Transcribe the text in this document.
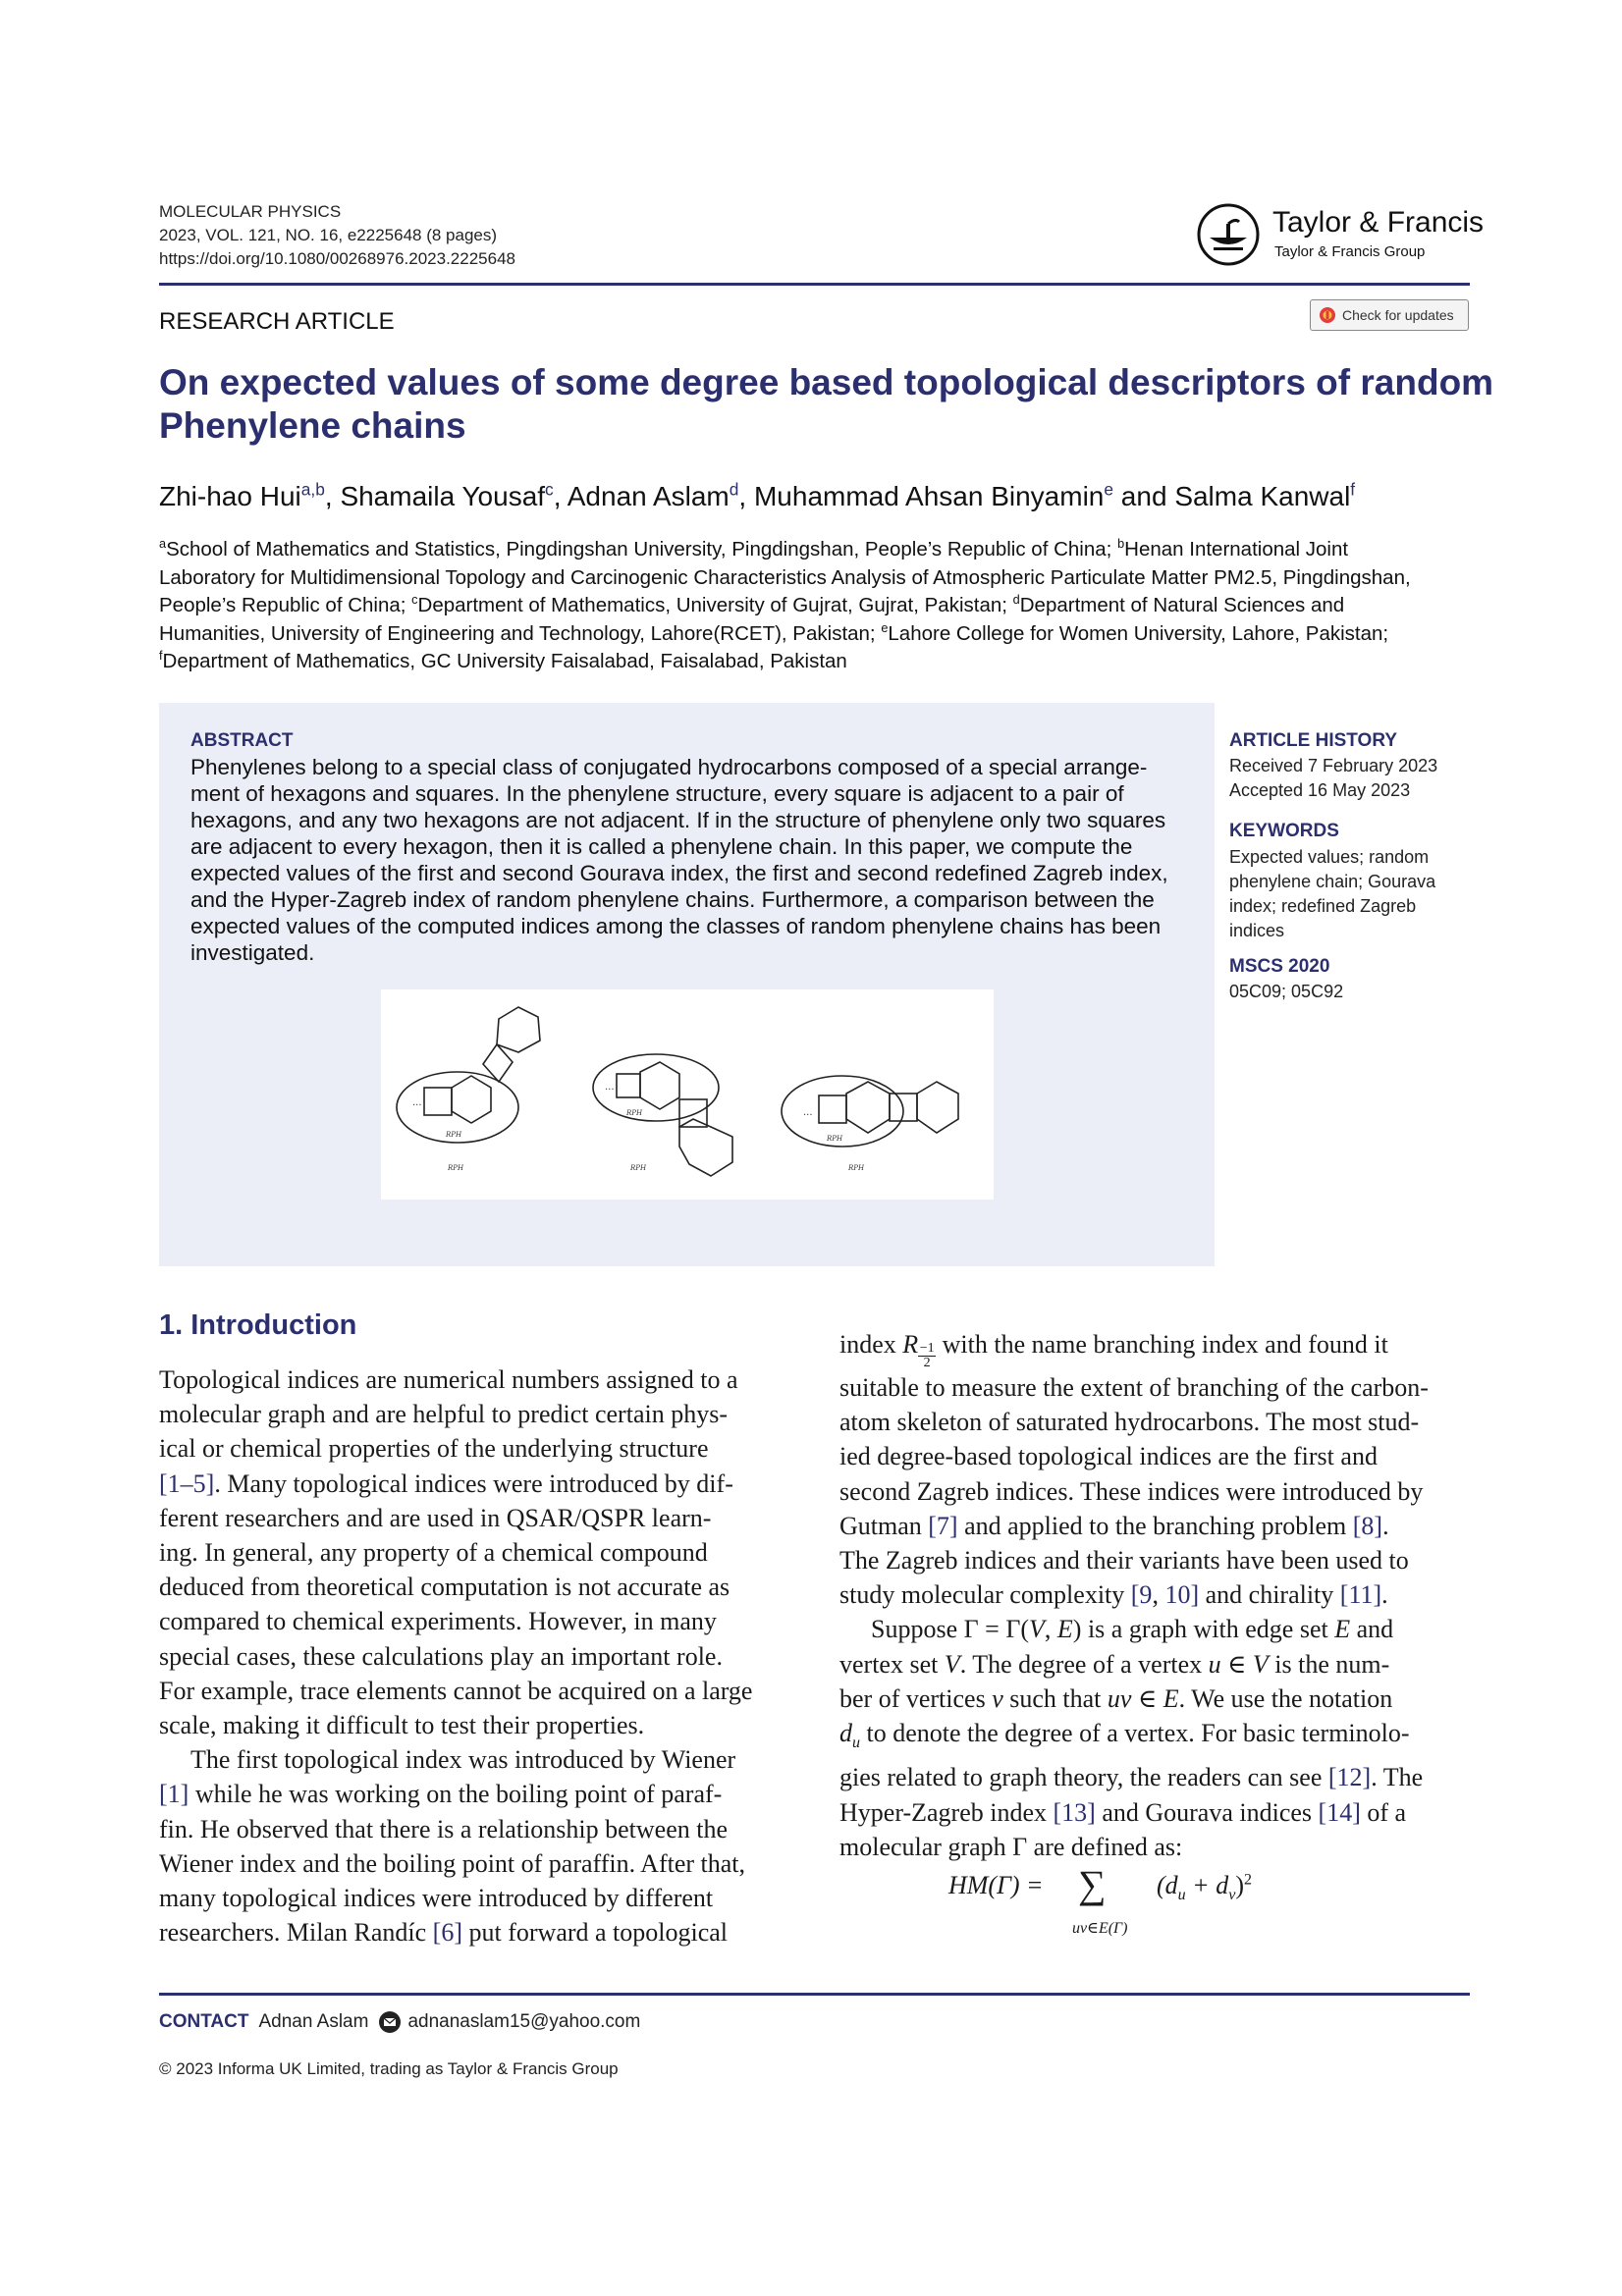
MOLECULAR PHYSICS
2023, VOL. 121, NO. 16, e2225648 (8 pages)
https://doi.org/10.1080/00268976.2023.2225648
Taylor & Francis
Taylor & Francis Group
RESEARCH ARTICLE	Check for updates
On expected values of some degree based topological descriptors of random
Phenylene chains
Zhi-hao Hui$^{a,b}$, Shamaila Yousaf$^c$, Adnan Aslam$^d$, Muhammad Ahsan Binyamin$^e$ and Salma Kanwal$^f$
$^a$School of Mathematics and Statistics, Pingdingshan University, Pingdingshan, People’s Republic of China; $^b$Henan International Joint
Laboratory for Multidimensional Topology and Carcinogenic Characteristics Analysis of Atmospheric Particulate Matter PM2.5, Pingdingshan,
People’s Republic of China; $^c$Department of Mathematics, University of Gujrat, Gujrat, Pakistan; $^d$Department of Natural Sciences and
Humanities, University of Engineering and Technology, Lahore(RCET), Pakistan; $^e$Lahore College for Women University, Lahore, Pakistan;
$^f$Department of Mathematics, GC University Faisalabad, Faisalabad, Pakistan
ABSTRACT
Phenylenes belong to a special class of conjugated hydrocarbons composed of a special arrange-
ment of hexagons and squares. In the phenylene structure, every square is adjacent to a pair of
hexagons, and any two hexagons are not adjacent. If in the structure of phenylene only two squares
are adjacent to every hexagon, then it is called a phenylene chain. In this paper, we compute the
expected values of the first and second Gourava index, the first and second redefined Zagreb index,
and the Hyper-Zagreb index of random phenylene chains. Furthermore, a comparison between the
expected values of the computed indices among the classes of random phenylene chains has been
investigated.
...
...
...
RPH
RPH
RPH
RPH	RPH	RPH
ARTICLE HISTORY
Received 7 February 2023
Accepted 16 May 2023
KEYWORDS
Expected values; random
phenylene chain; Gourava
index; redefined Zagreb
indices
MSCS 2020
05C09; 05C92
1. Introduction
Topological indices are numerical numbers assigned to a
molecular graph and are helpful to predict certain phys-
ical or chemical properties of the underlying structure
[1–5]. Many topological indices were introduced by dif-
ferent researchers and are used in QSAR/QSPR learn-
ing. In general, any property of a chemical compound
deduced from theoretical computation is not accurate as
compared to chemical experiments. However, in many
special cases, these calculations play an important role.
For example, trace elements cannot be acquired on a large
scale, making it difficult to test their properties.
The first topological index was introduced by Wiener
[1] while he was working on the boiling point of paraf-
fin. He observed that there is a relationship between the
Wiener index and the boiling point of paraffin. After that,
many topological indices were introduced by different
researchers. Milan Randíc [6] put forward a topological
index R $\frac{-1}{2}$ with the name branching index and found it
suitable to measure the extent of branching of the carbon-
atom skeleton of saturated hydrocarbons. The most stud-
ied degree-based topological indices are the first and
second Zagreb indices. These indices were introduced by
Gutman [7] and applied to the branching problem [8].
The Zagreb indices and their variants have been used to
study molecular complexity [9, 10] and chirality [11].
Suppose Γ = Γ(V, E) is a graph with edge set E and
vertex set V. The degree of a vertex u ∈ V is the num-
ber of vertices v such that uv ∈ E. We use the notation
$d_u$ to denote the degree of a vertex. For basic terminolo-
gies related to graph theory, the readers can see [12]. The
Hyper-Zagreb index [13] and Gourava indices [14] of a
molecular graph Γ are defined as:
HM(Γ) = ∑
uv∈E(Γ)
$(d_u + d_v)^2$
CONTACT Adnan Aslam adnanaslam15@yahoo.com
© 2023 Informa UK Limited, trading as Taylor & Francis Group
